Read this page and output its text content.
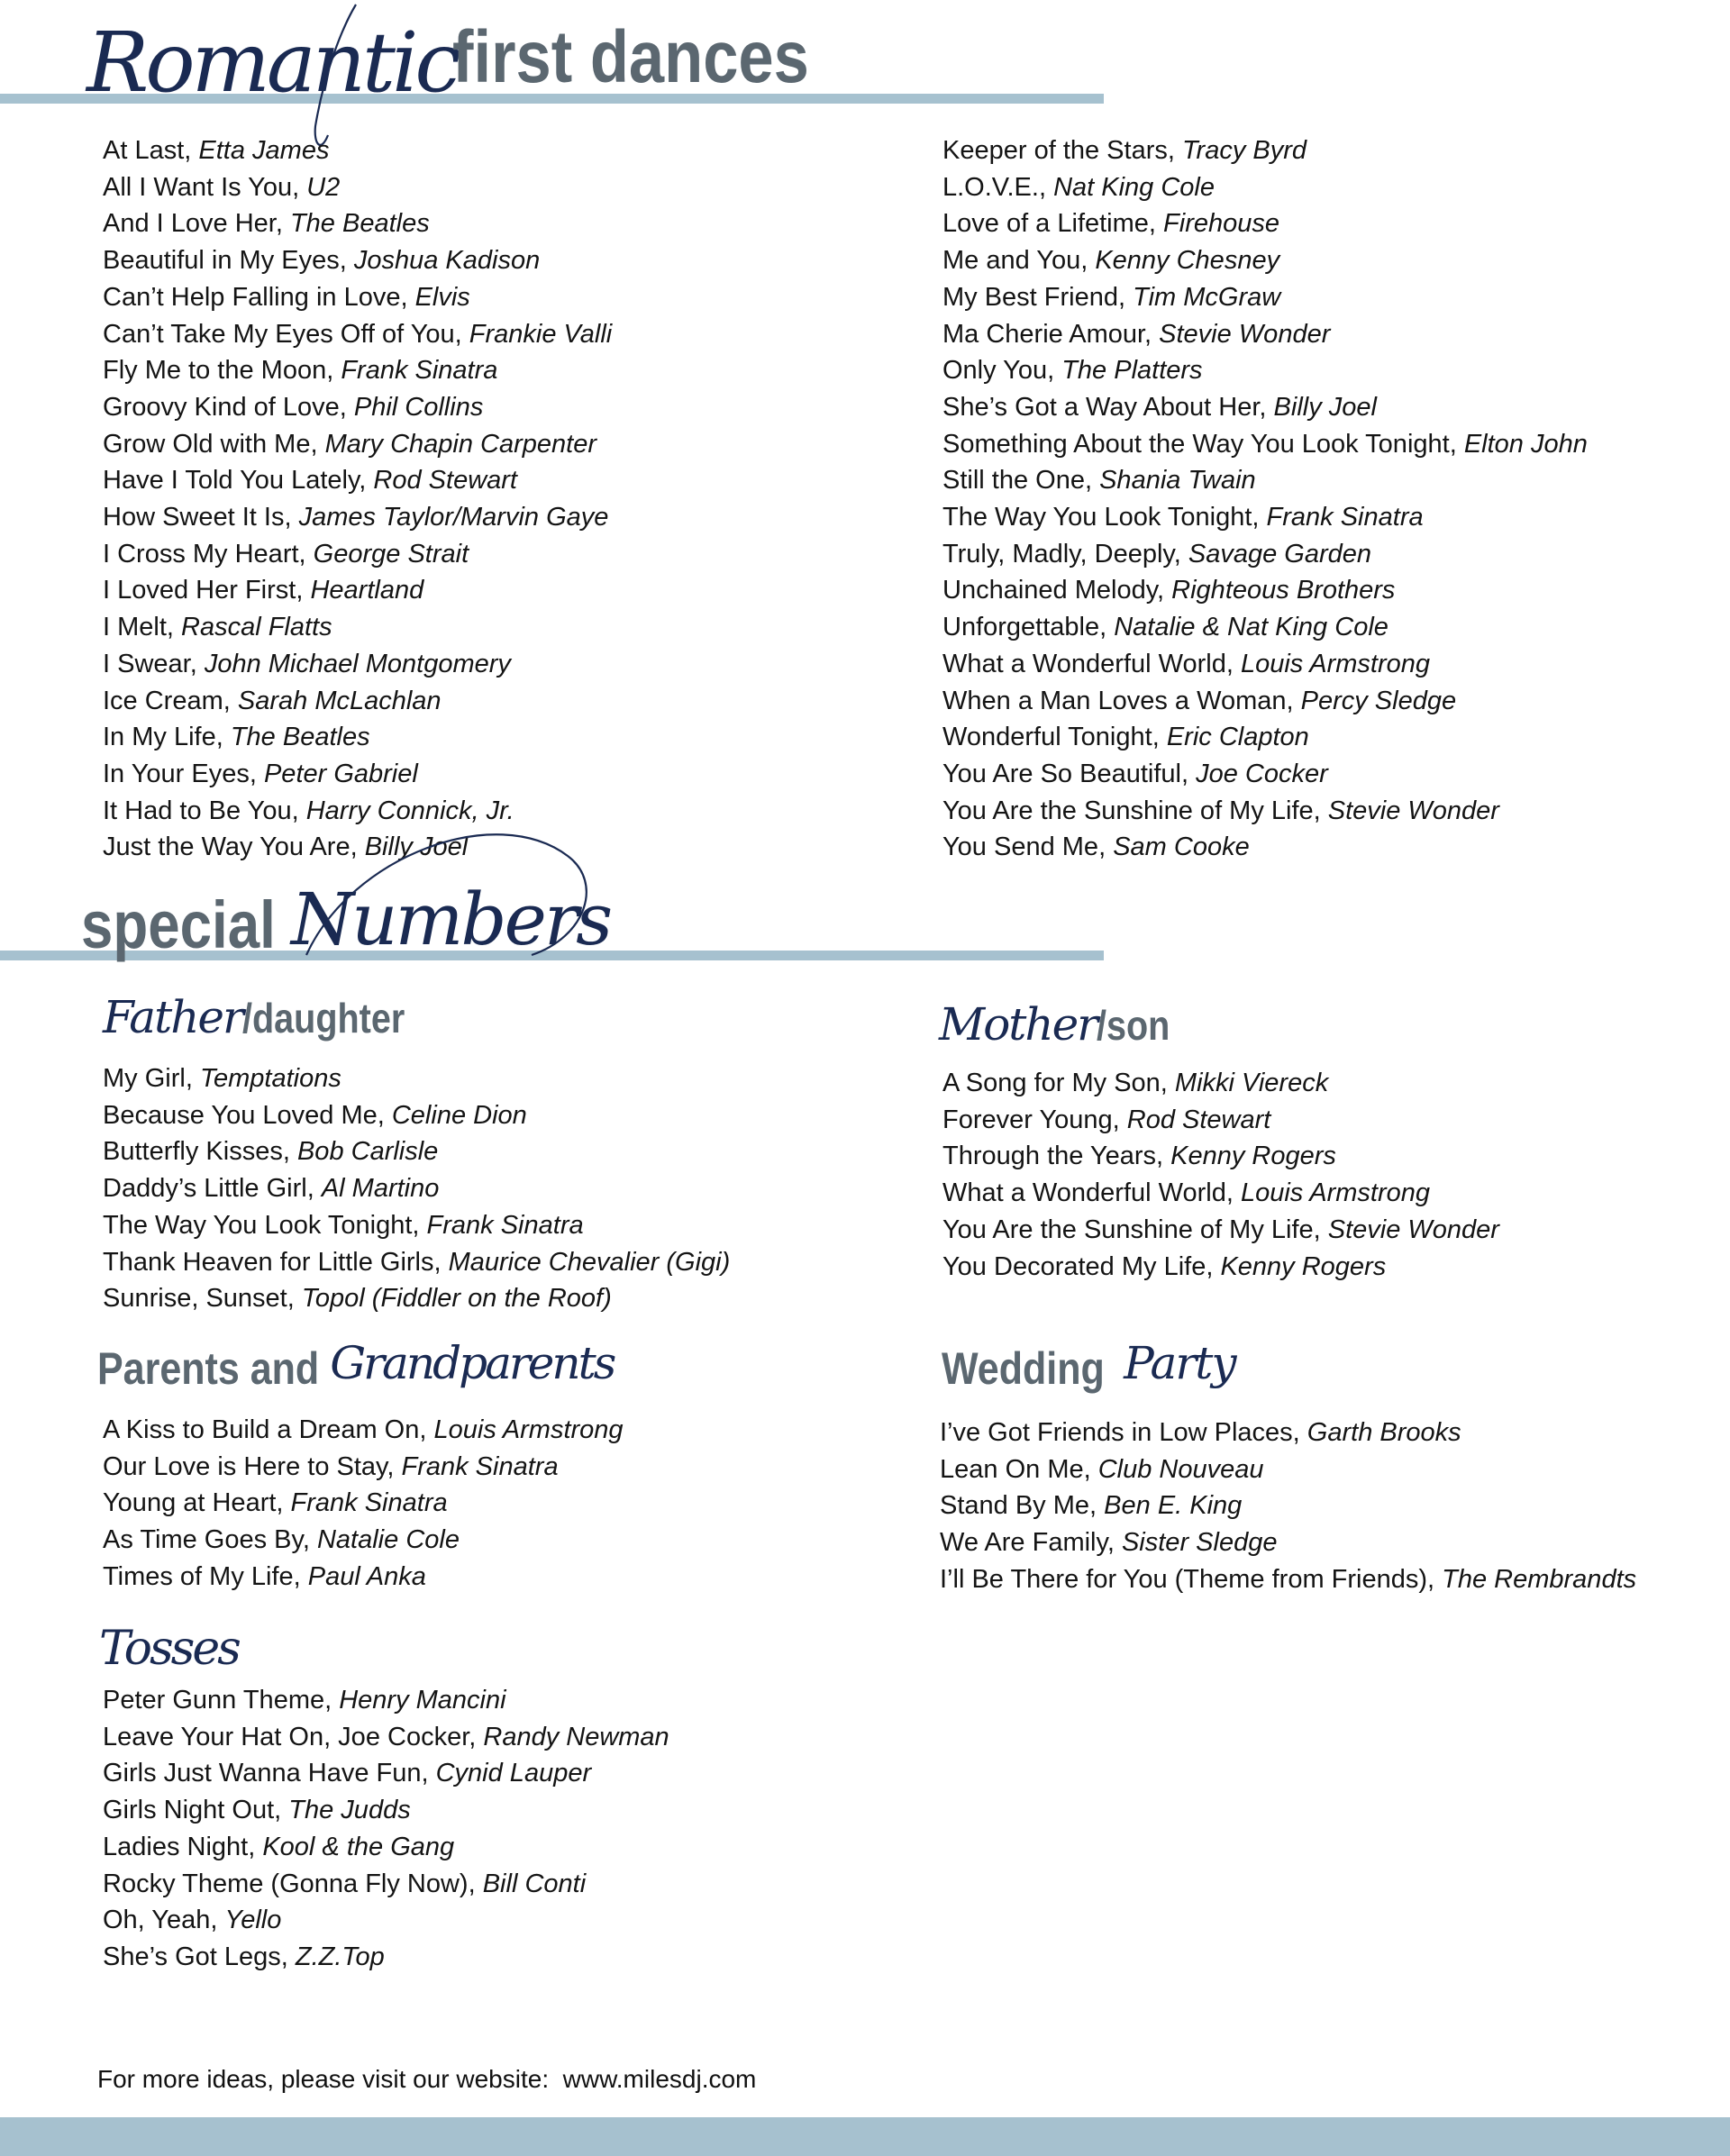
Romanticfirst dances
At Last, Etta James
All I Want Is You, U2
And I Love Her, The Beatles
Beautiful in My Eyes, Joshua Kadison
Can’t Help Falling in Love, Elvis
Can’t Take My Eyes Off of You, Frankie Valli
Fly Me to the Moon, Frank Sinatra
Groovy Kind of Love, Phil Collins
Grow Old with Me, Mary Chapin Carpenter
Have I Told You Lately, Rod Stewart
How Sweet It Is, James Taylor/Marvin Gaye
I Cross My Heart, George Strait
I Loved Her First, Heartland
I Melt, Rascal Flatts
I Swear, John Michael Montgomery
Ice Cream, Sarah McLachlan
In My Life, The Beatles
In Your Eyes, Peter Gabriel
It Had to Be You, Harry Connick, Jr.
Just the Way You Are, Billy Joel
Keeper of the Stars, Tracy Byrd
L.O.V.E., Nat King Cole
Love of a Lifetime, Firehouse
Me and You, Kenny Chesney
My Best Friend, Tim McGraw
Ma Cherie Amour, Stevie Wonder
Only You, The Platters
She’s Got a Way About Her, Billy Joel
Something About the Way You Look Tonight, Elton John
Still the One, Shania Twain
The Way You Look Tonight, Frank Sinatra
Truly, Madly, Deeply, Savage Garden
Unchained Melody, Righteous Brothers
Unforgettable, Natalie & Nat King Cole
What a Wonderful World, Louis Armstrong
When a Man Loves a Woman, Percy Sledge
Wonderful Tonight, Eric Clapton
You Are So Beautiful, Joe Cocker
You Are the Sunshine of My Life, Stevie Wonder
You Send Me, Sam Cooke
special Numbers
Father/daughter
My Girl, Temptations
Because You Loved Me, Celine Dion
Butterfly Kisses, Bob Carlisle
Daddy’s Little Girl, Al Martino
The Way You Look Tonight, Frank Sinatra
Thank Heaven for Little Girls, Maurice Chevalier (Gigi)
Sunrise, Sunset, Topol (Fiddler on the Roof)
Mother/son
A Song for My Son, Mikki Viereck
Forever Young, Rod Stewart
Through the Years, Kenny Rogers
What a Wonderful World, Louis Armstrong
You Are the Sunshine of My Life, Stevie Wonder
You Decorated My Life, Kenny Rogers
Parents and Grandparents
A Kiss to Build a Dream On, Louis Armstrong
Our Love is Here to Stay, Frank Sinatra
Young at Heart, Frank Sinatra
As Time Goes By, Natalie Cole
Times of My Life, Paul Anka
Wedding Party
I’ve Got Friends in Low Places, Garth Brooks
Lean On Me, Club Nouveau
Stand By Me, Ben E. King
We Are Family, Sister Sledge
I’ll Be There for You (Theme from Friends), The Rembrandts
Tosses
Peter Gunn Theme, Henry Mancini
Leave Your Hat On, Joe Cocker, Randy Newman
Girls Just Wanna Have Fun, Cynid Lauper
Girls Night Out, The Judds
Ladies Night, Kool & the Gang
Rocky Theme (Gonna Fly Now), Bill Conti
Oh, Yeah, Yello
She’s Got Legs, Z.Z.Top
For more ideas, please visit our website:  www.milesdj.com
